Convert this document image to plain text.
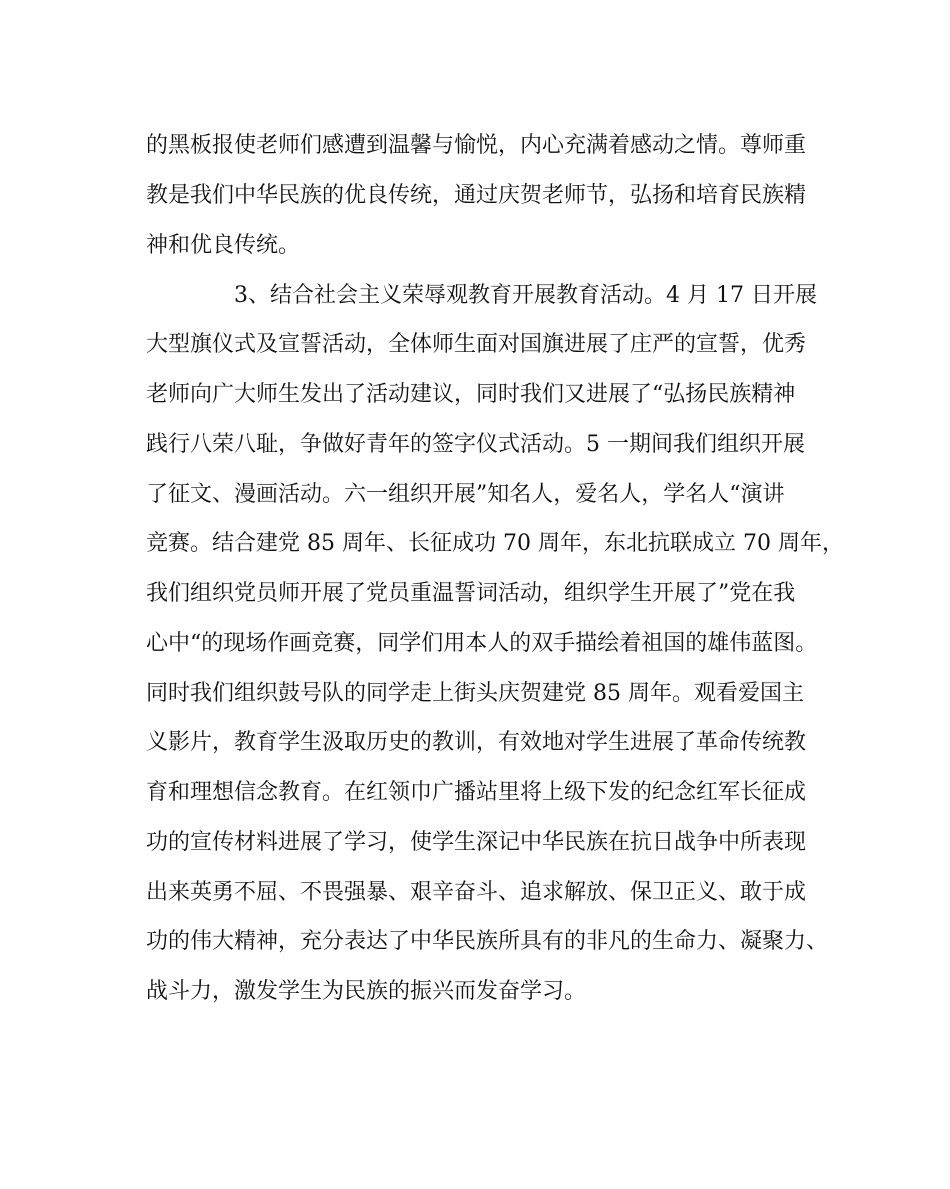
的黑板报使老师们感遭到温馨与愉悦，内心充满着感动之情。尊师重
教是我们中华民族的优良传统，通过庆贺老师节，弘扬和培育民族精
神和优良传统。
3、结合社会主义荣辱观教育开展教育活动。4 月 17 日开展
大型旗仪式及宣誓活动，全体师生面对国旗进展了庄严的宣誓，优秀
老师向广大师生发出了活动建议，同时我们又进展了“弘扬民族精神
践行八荣八耻，争做好青年的签字仪式活动。5 一期间我们组织开展
了征文、漫画活动。六一组织开展”知名人，爱名人，学名人“演讲
竞赛。结合建党 85 周年、长征成功 70 周年，东北抗联成立 70 周年，
我们组织党员师开展了党员重温誓词活动，组织学生开展了”党在我
心中“的现场作画竞赛，同学们用本人的双手描绘着祖国的雄伟蓝图。
同时我们组织鼓号队的同学走上街头庆贺建党 85 周年。观看爱国主
义影片，教育学生汲取历史的教训，有效地对学生进展了革命传统教
育和理想信念教育。在红领巾广播站里将上级下发的纪念红军长征成
功的宣传材料进展了学习，使学生深记中华民族在抗日战争中所表现
出来英勇不屈、不畏强暴、艰辛奋斗、追求解放、保卫正义、敢于成
功的伟大精神，充分表达了中华民族所具有的非凡的生命力、凝聚力、
战斗力，激发学生为民族的振兴而发奋学习。
